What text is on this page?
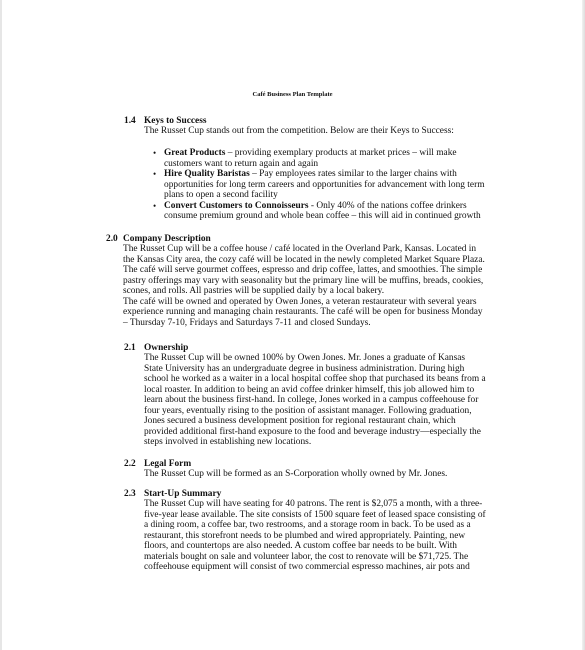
Café Business Plan Template
1.4 Keys to Success
The Russet Cup stands out from the competition. Below are their Keys to Success:
• Great Products – providing exemplary products at market prices – will make
customers want to return again and again
• Hire Quality Baristas – Pay employees rates similar to the larger chains with
opportunities for long term careers and opportunities for advancement with long term
plans to open a second facility
• Convert Customers to Connoisseurs - Only 40% of the nations coffee drinkers
consume premium ground and whole bean coffee – this will aid in continued growth
2.0 Company Description
The Russet Cup will be a coffee house / café located in the Overland Park, Kansas. Located in
the Kansas City area, the cozy café will be located in the newly completed Market Square Plaza.
The café will serve gourmet coffees, espresso and drip coffee, lattes, and smoothies. The simple
pastry offerings may vary with seasonality but the primary line will be muffins, breads, cookies,
scones, and rolls. All pastries will be supplied daily by a local bakery.
The café will be owned and operated by Owen Jones, a veteran restaurateur with several years
experience running and managing chain restaurants. The café will be open for business Monday
– Thursday 7-10, Fridays and Saturdays 7-11 and closed Sundays.
2.1 Ownership
The Russet Cup will be owned 100% by Owen Jones. Mr. Jones a graduate of Kansas
State University has an undergraduate degree in business administration. During high
school he worked as a waiter in a local hospital coffee shop that purchased its beans from a
local roaster. In addition to being an avid coffee drinker himself, this job allowed him to
learn about the business first-hand. In college, Jones worked in a campus coffeehouse for
four years, eventually rising to the position of assistant manager. Following graduation,
Jones secured a business development position for regional restaurant chain, which
provided additional first-hand exposure to the food and beverage industry—especially the
steps involved in establishing new locations.
2.2 Legal Form
The Russet Cup will be formed as an S-Corporation wholly owned by Mr. Jones.
2.3 Start-Up Summary
The Russet Cup will have seating for 40 patrons. The rent is $2,075 a month, with a three-
five-year lease available. The site consists of 1500 square feet of leased space consisting of
a dining room, a coffee bar, two restrooms, and a storage room in back. To be used as a
restaurant, this storefront needs to be plumbed and wired appropriately. Painting, new
floors, and countertops are also needed. A custom coffee bar needs to be built. With
materials bought on sale and volunteer labor, the cost to renovate will be $71,725. The
coffeehouse equipment will consist of two commercial espresso machines, air pots and
